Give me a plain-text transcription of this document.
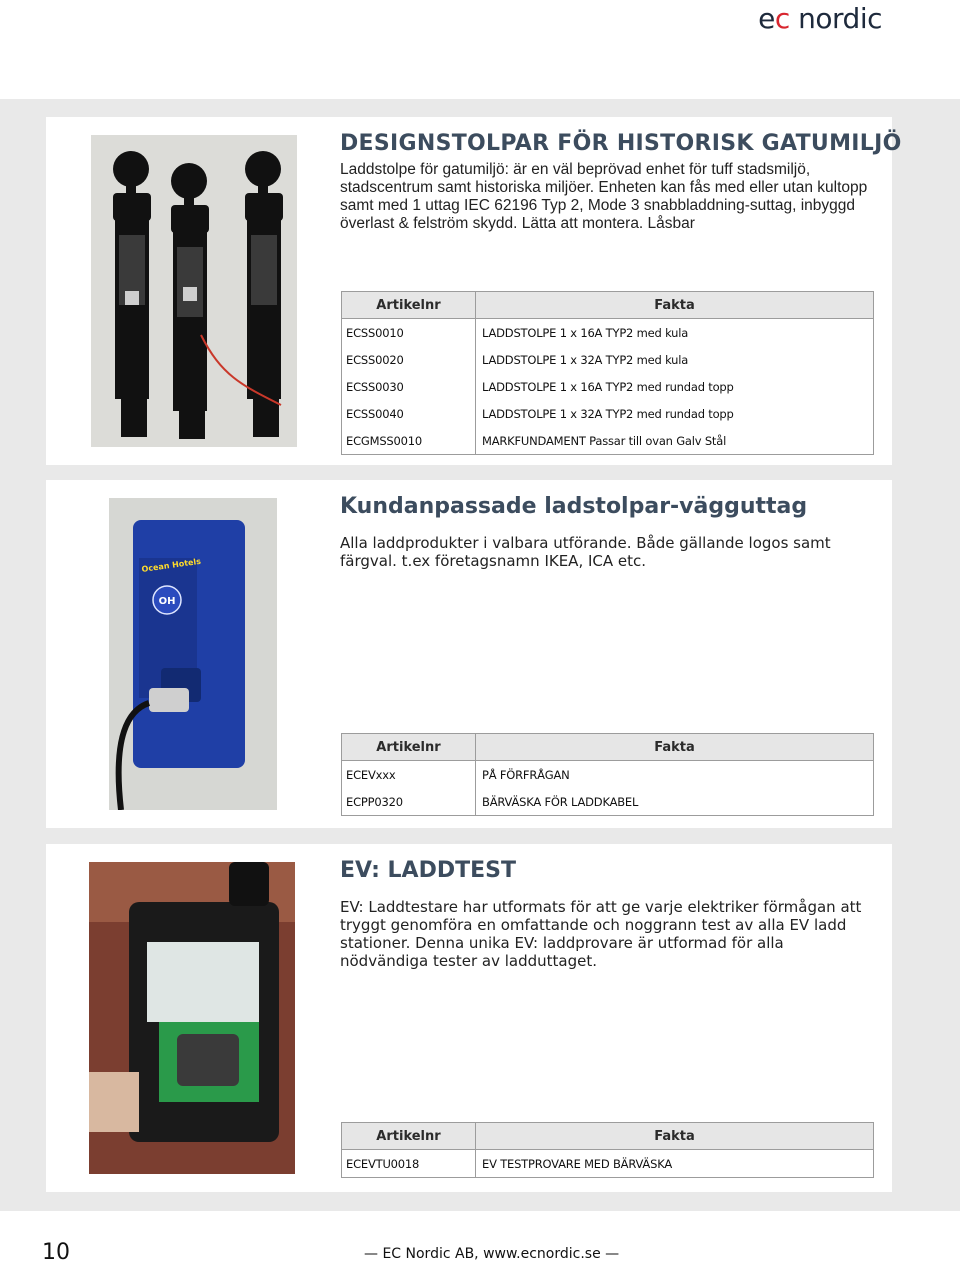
ec nordic
DESIGNSTOLPAR FÖR HISTORISK GATUMILJÖ

Laddstolpe för gatumiljö: är en väl beprövad enhet för tuff stadsmiljö, stadscentrum samt historiska miljöer. Enheten kan fås med eller utan kultopp samt med 1 uttag IEC 62196 Typ 2, Mode 3 snabbladdning-suttag, inbyggd överlast & felström skydd. Lätta att montera. Låsbar

Artikelnr	Fakta
ECSS0010	LADDSTOLPE 1 x 16A TYP2 med kula
ECSS0020	LADDSTOLPE 1 x 32A TYP2 med kula
ECSS0030	LADDSTOLPE 1 x 16A TYP2 med rundad topp
ECSS0040	LADDSTOLPE 1 x 32A TYP2 med rundad topp
ECGMSS0010	MARKFUNDAMENT Passar till ovan Galv Stål
Ocean Hotels
OH
Kundanpassade ladstolpar-vägguttag

Alla laddprodukter i valbara utförande. Både gällande logos samt färgval. t.ex företagsnamn IKEA, ICA etc.

Artikelnr	Fakta
ECEVxxx	PÅ FÖRFRÅGAN
ECPP0320	BÄRVÄSKA FÖR LADDKABEL
EV: LADDTEST

EV: Laddtestare har utformats för att ge varje elektriker förmågan att tryggt genomföra en omfattande och noggrann test av alla EV ladd stationer. Denna unika EV: laddprovare är utformad för alla nödvändiga tester av ladduttaget.

Artikelnr	Fakta
ECEVTU0018	EV TESTPROVARE MED BÄRVÄSKA
10	— EC Nordic AB, www.ecnordic.se —
